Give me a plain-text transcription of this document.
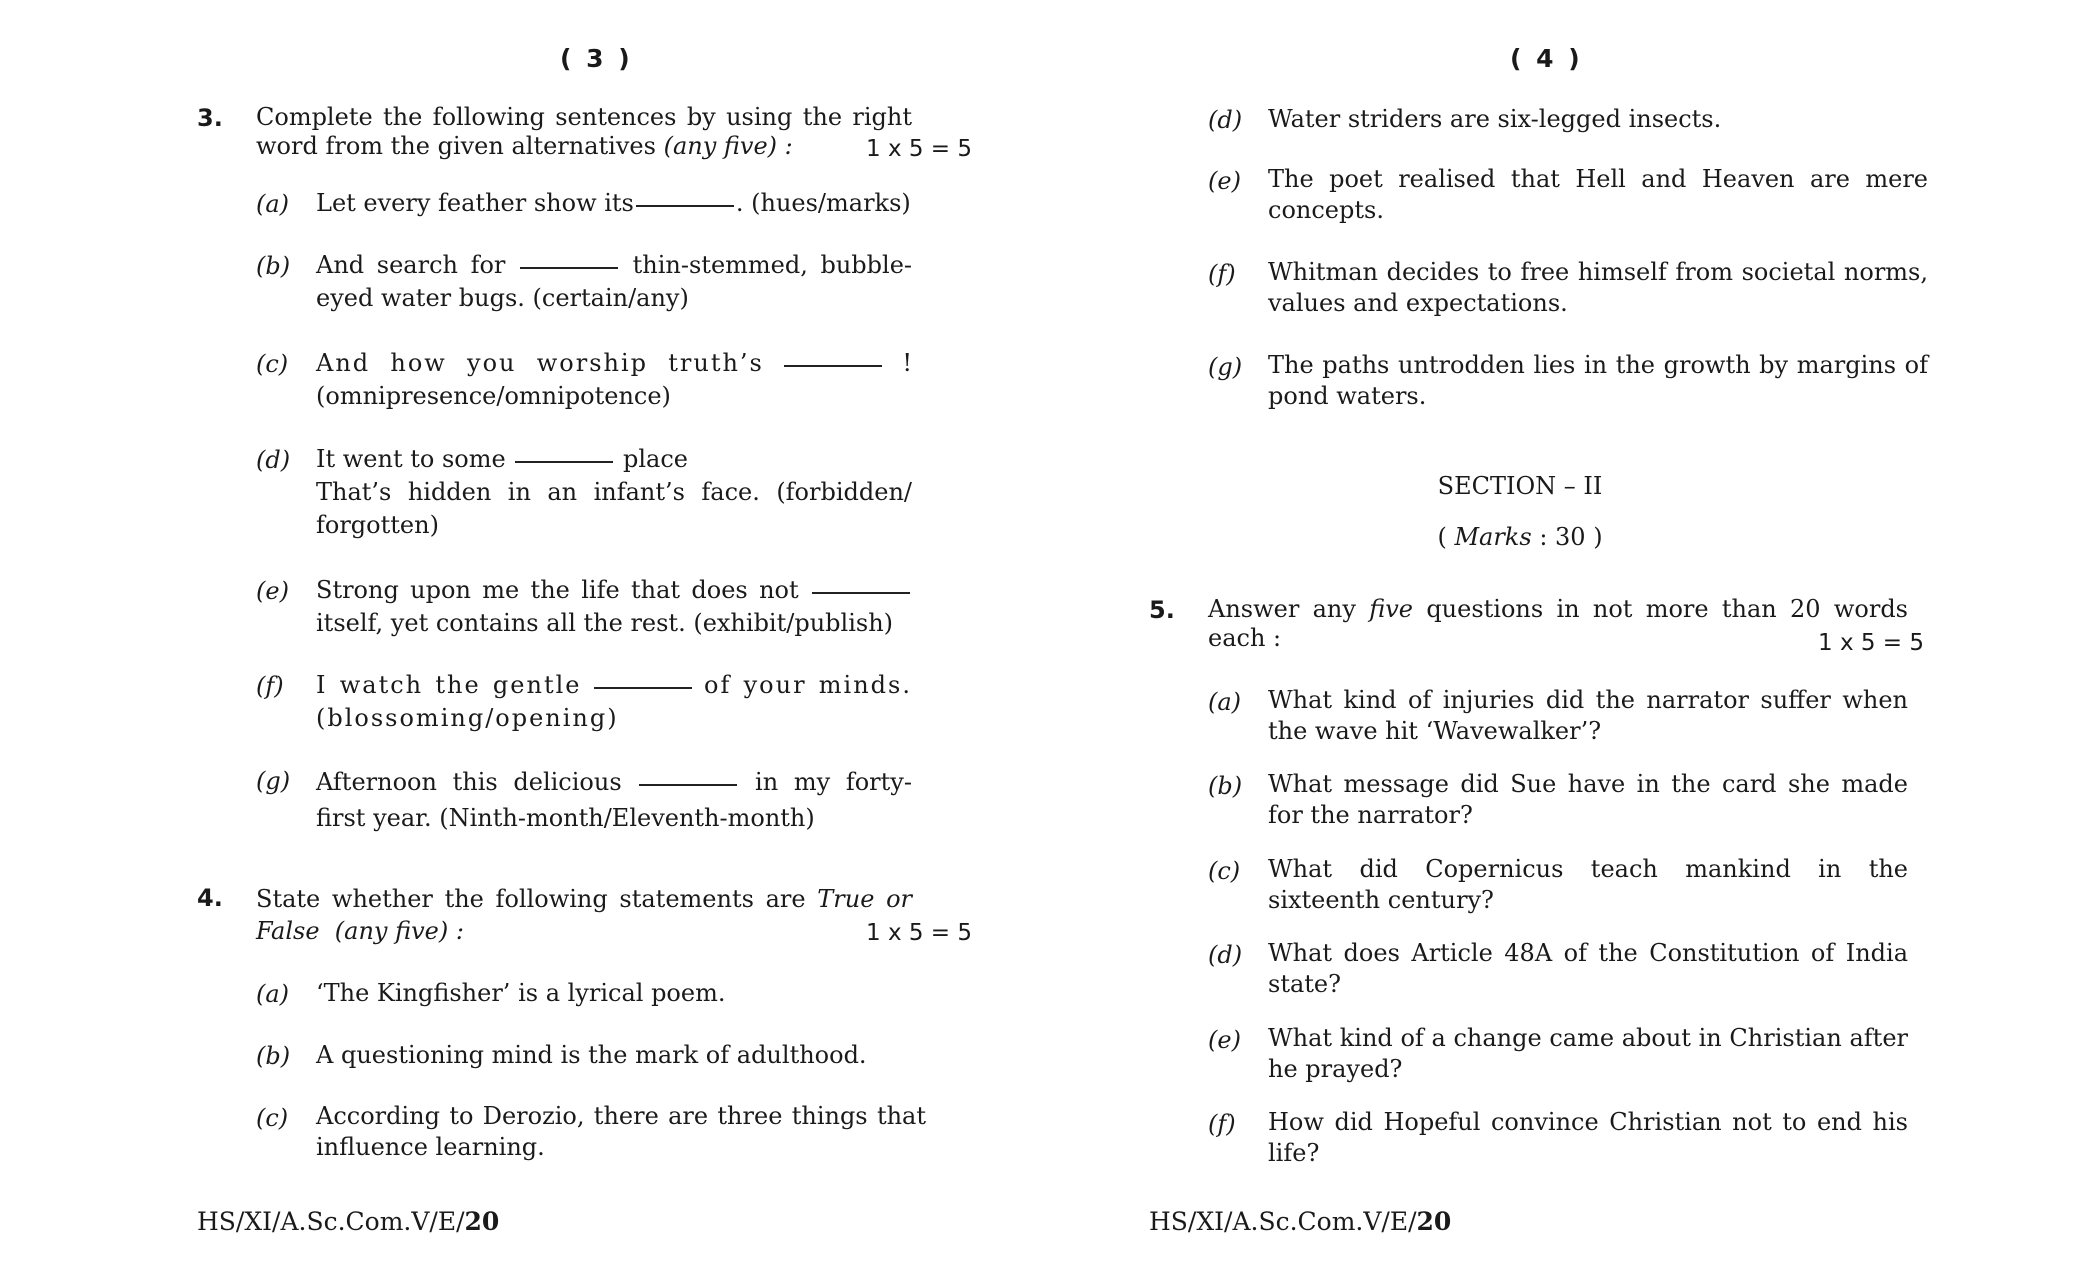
( 3 )
3. Complete the following sentences by using the right word from the given alternatives (any five) :	1 x 5 = 5
(a) Let every feather show its	. (hues/marks)
(b) And search for	thin-stemmed, bubble-eyed water bugs. (certain/any)
(c) And how you worship truth’s	! (omnipresence/omnipotence)
(d) It went to some	place
That’s hidden in an infant’s face. (forbidden/ forgotten)
(e) Strong upon me the life that does not  itself, yet contains all the rest. (exhibit/publish)
(f) I watch the gentle	of your minds. (blossoming/opening)
(g) Afternoon this delicious	in my forty-first year. (Ninth-month/Eleventh-month)
4. State whether the following statements are True or False (any five) :	1 x 5 = 5
(a) ‘The Kingfisher’ is a lyrical poem.
(b) A questioning mind is the mark of adulthood.
(c) According to Derozio, there are three things that influence learning.
HS/XI/A.Sc.Com.V/E/20
( 4 )
(d) Water striders are six-legged insects.
(e) The poet realised that Hell and Heaven are mere concepts.
(f) Whitman decides to free himself from societal norms, values and expectations.
(g) The paths untrodden lies in the growth by margins of pond waters.
SECTION – II
( Marks : 30 )
5. Answer any five questions in not more than 20 words each :	1 x 5 = 5
(a) What kind of injuries did the narrator suffer when the wave hit ‘Wavewalker’?
(b) What message did Sue have in the card she made for the narrator?
(c) What did Copernicus teach mankind in the sixteenth century?
(d) What does Article 48A of the Constitution of India state?
(e) What kind of a change came about in Christian after he prayed?
(f) How did Hopeful convince Christian not to end his life?
HS/XI/A.Sc.Com.V/E/20
